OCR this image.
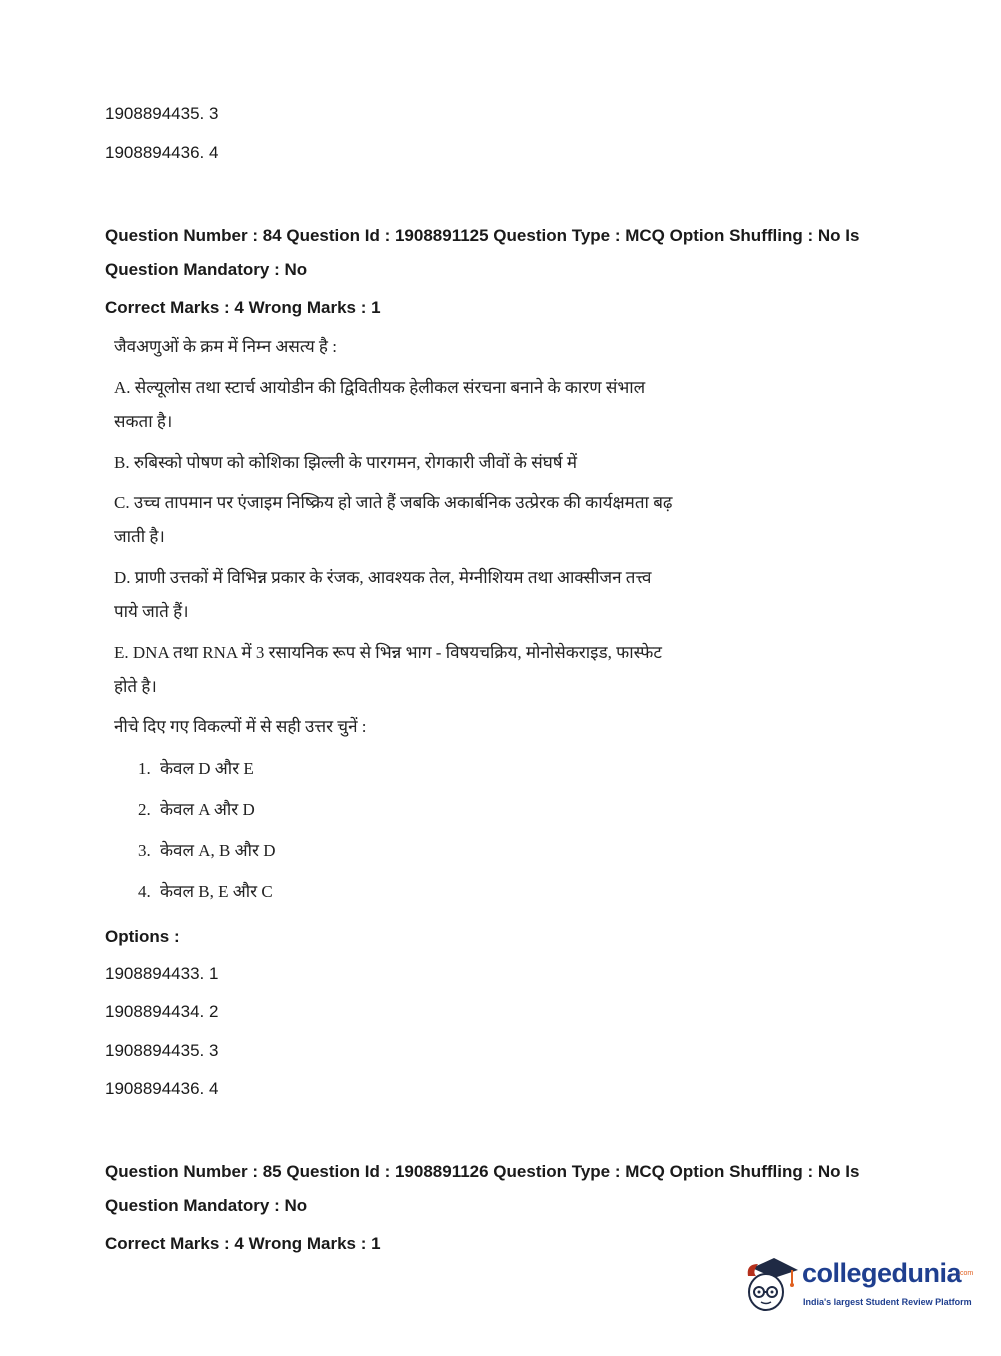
1908894435. 3
1908894436. 4
Question Number : 84 Question Id : 1908891125 Question Type : MCQ Option Shuffling : No Is
Question Mandatory : No
Correct Marks : 4 Wrong Marks : 1
जैवअणुओं के क्रम में निम्न असत्य है :
A. सेल्यूलोस तथा स्टार्च आयोडीन की द्विवितीयक हेलीकल संरचना बनाने के कारण संभाल
सकता है।
B. रुबिस्को पोषण को कोशिका झिल्ली के पारगमन, रोगकारी जीवों के संघर्ष में
C. उच्च तापमान पर एंजाइम निष्क्रिय हो जाते हैं जबकि अकार्बनिक उत्प्रेरक की कार्यक्षमता बढ़
जाती है।
D. प्राणी उत्तकों में विभिन्न प्रकार के रंजक, आवश्यक तेल, मेग्नीशियम तथा आक्सीजन तत्त्व
पाये जाते हैं।
E. DNA तथा RNA में 3 रसायनिक रूप से भिन्न भाग - विषयचक्रिय, मोनोसेकराइड, फास्फेट
होते है।
नीचे दिए गए विकल्पों में से सही उत्तर चुनें :
1. केवल D और E
2. केवल A और D
3. केवल A, B और D
4. केवल B, E और C
Options :
1908894433. 1
1908894434. 2
1908894435. 3
1908894436. 4
Question Number : 85 Question Id : 1908891126 Question Type : MCQ Option Shuffling : No Is
Question Mandatory : No
Correct Marks : 4 Wrong Marks : 1
collegedunia
.com
India's largest Student Review Platform
